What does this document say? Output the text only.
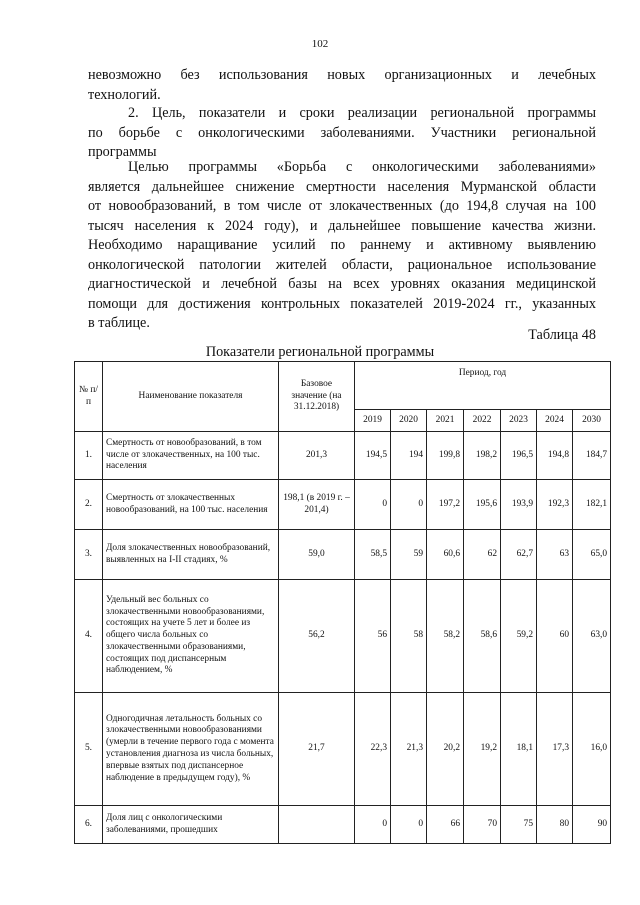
102
невозможно без использования новых организационных и лечебных
технологий.
2. Цель, показатели и сроки реализации региональной программы
по борьбе с онкологическими заболеваниями. Участники региональной
программы
Целью программы «Борьба с онкологическими заболеваниями»
является дальнейшее снижение смертности населения Мурманской области
от новообразований, в том числе от злокачественных (до 194,8 случая на 100
тысяч населения к 2024 году), и дальнейшее повышение качества жизни.
Необходимо наращивание усилий по раннему и активному выявлению
онкологической патологии жителей области, рациональное использование
диагностической и лечебной базы на всех уровнях оказания медицинской
помощи для достижения контрольных показателей 2019-2024 гг., указанных
в таблице.
Таблица 48
Показатели региональной программы
№ п/п	Наименование показателя	Базовое значение (на 31.12.2018)	Период, год						
			2019	2020	2021	2022	2023	2024	2030
1.	Смертность от новообразований, в том числе от злокачественных, на 100 тыс. населения	201,3	194,5	194	199,8	198,2	196,5	194,8	184,7
2.	Смертность от злокачественных новообразований, на 100 тыс. населения	198,1 (в 2019 г. – 201,4)	0	0	197,2	195,6	193,9	192,3	182,1
3.	Доля злокачественных новообразований, выявленных на I-II стадиях, %	59,0	58,5	59	60,6	62	62,7	63	65,0
4.	Удельный вес больных со злокачественными новообразованиями, состоящих на учете 5 лет и более из общего числа больных со злокачественными образованиями, состоящих под диспансерным наблюдением, %	56,2	56	58	58,2	58,6	59,2	60	63,0
5.	Одногодичная летальность больных со злокачественными новообразованиями (умерли в течение первого года с момента установления диагноза из числа больных, впервые взятых под диспансерное наблюдение в предыдущем году), %	21,7	22,3	21,3	20,2	19,2	18,1	17,3	16,0
6.	Доля лиц с онкологическими заболеваниями, прошедших		0	0	66	70	75	80	90
